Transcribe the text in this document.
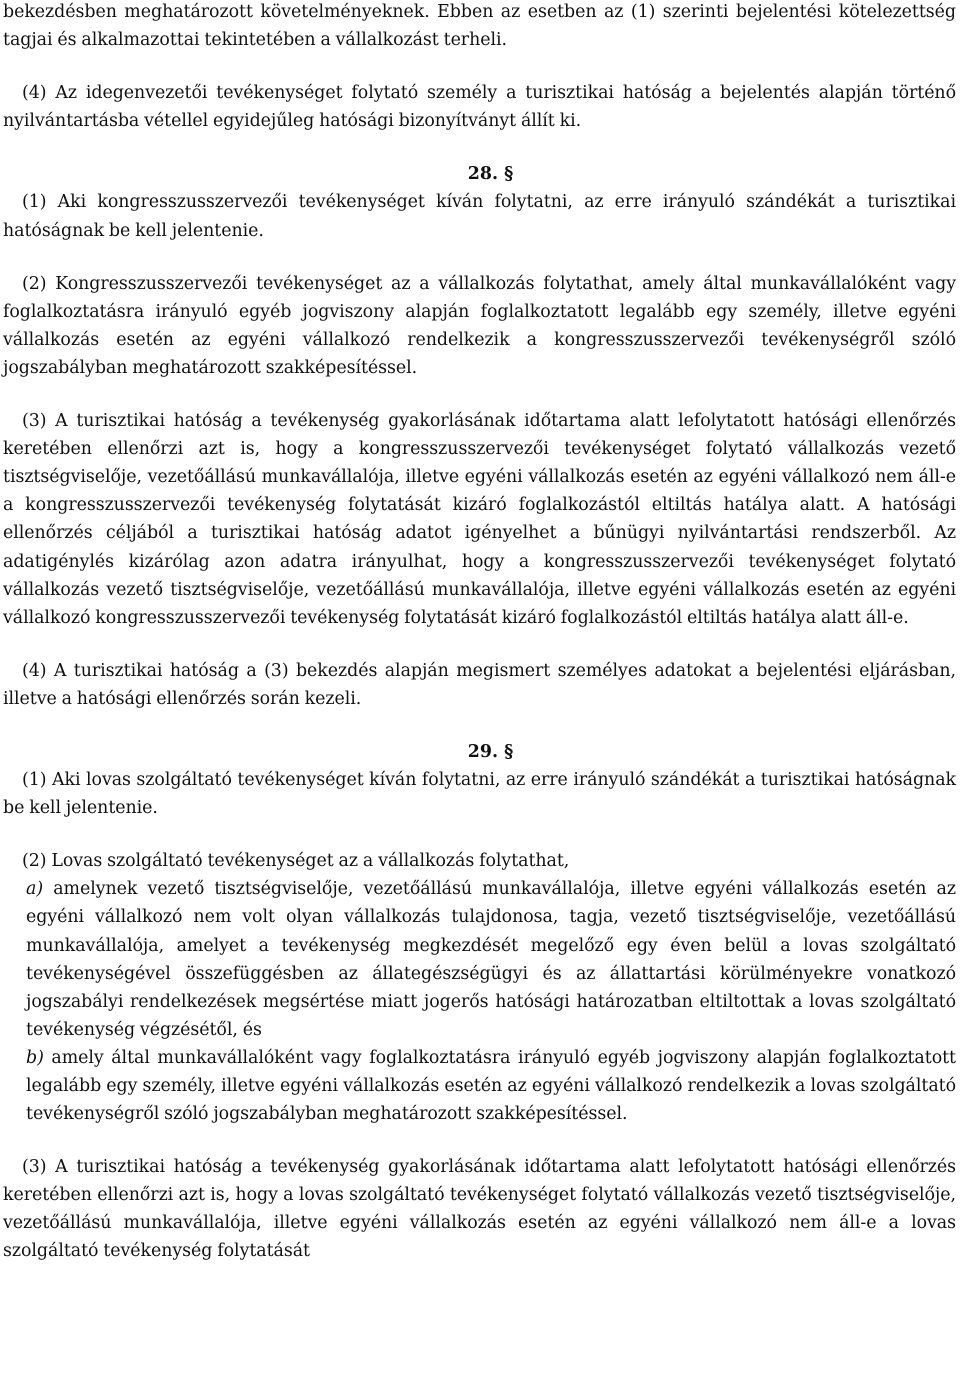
bekezdésben meghatározott követelményeknek. Ebben az esetben az (1) szerinti bejelentési kötelezettség tagjai és alkalmazottai tekintetében a vállalkozást terheli.

(4) Az idegenvezetői tevékenységet folytató személy a turisztikai hatóság a bejelentés alapján történő nyilvántartásba vétellel egyidejűleg hatósági bizonyítványt állít ki.

28. §

(1) Aki kongresszusszervezői tevékenységet kíván folytatni, az erre irányuló szándékát a turisztikai hatóságnak be kell jelentenie.

(2) Kongresszusszervezői tevékenységet az a vállalkozás folytathat, amely által munkavállalóként vagy foglalkoztatásra irányuló egyéb jogviszony alapján foglalkoztatott legalább egy személy, illetve egyéni vállalkozás esetén az egyéni vállalkozó rendelkezik a kongresszusszervezői tevékenységről szóló jogszabályban meghatározott szakképesítéssel.

(3) A turisztikai hatóság a tevékenység gyakorlásának időtartama alatt lefolytatott hatósági ellenőrzés keretében ellenőrzi azt is, hogy a kongresszusszervezői tevékenységet folytató vállalkozás vezető tisztségviselője, vezetőállású munkavállalója, illetve egyéni vállalkozás esetén az egyéni vállalkozó nem áll-e a kongresszusszervezői tevékenység folytatását kizáró foglalkozástól eltiltás hatálya alatt. A hatósági ellenőrzés céljából a turisztikai hatóság adatot igényelhet a bűnügyi nyilvántartási rendszerből. Az adatigénylés kizárólag azon adatra irányulhat, hogy a kongresszusszervezői tevékenységet folytató vállalkozás vezető tisztségviselője, vezetőállású munkavállalója, illetve egyéni vállalkozás esetén az egyéni vállalkozó kongresszusszervezői tevékenység folytatását kizáró foglalkozástól eltiltás hatálya alatt áll-e.

(4) A turisztikai hatóság a (3) bekezdés alapján megismert személyes adatokat a bejelentési eljárásban, illetve a hatósági ellenőrzés során kezeli.

29. §

(1) Aki lovas szolgáltató tevékenységet kíván folytatni, az erre irányuló szándékát a turisztikai hatóságnak be kell jelentenie.

(2) Lovas szolgáltató tevékenységet az a vállalkozás folytathat,

a) amelynek vezető tisztségviselője, vezetőállású munkavállalója, illetve egyéni vállalkozás esetén az egyéni vállalkozó nem volt olyan vállalkozás tulajdonosa, tagja, vezető tisztségviselője, vezetőállású munkavállalója, amelyet a tevékenység megkezdését megelőző egy éven belül a lovas szolgáltató tevékenységével összefüggésben az állategészségügyi és az állattartási körülményekre vonatkozó jogszabályi rendelkezések megsértése miatt jogerős hatósági határozatban eltiltottak a lovas szolgáltató tevékenység végzésétől, és

b) amely által munkavállalóként vagy foglalkoztatásra irányuló egyéb jogviszony alapján foglalkoztatott legalább egy személy, illetve egyéni vállalkozás esetén az egyéni vállalkozó rendelkezik a lovas szolgáltató tevékenységről szóló jogszabályban meghatározott szakképesítéssel.

(3) A turisztikai hatóság a tevékenység gyakorlásának időtartama alatt lefolytatott hatósági ellenőrzés keretében ellenőrzi azt is, hogy a lovas szolgáltató tevékenységet folytató vállalkozás vezető tisztségviselője, vezetőállású munkavállalója, illetve egyéni vállalkozás esetén az egyéni vállalkozó nem áll-e a lovas szolgáltató tevékenység folytatását
